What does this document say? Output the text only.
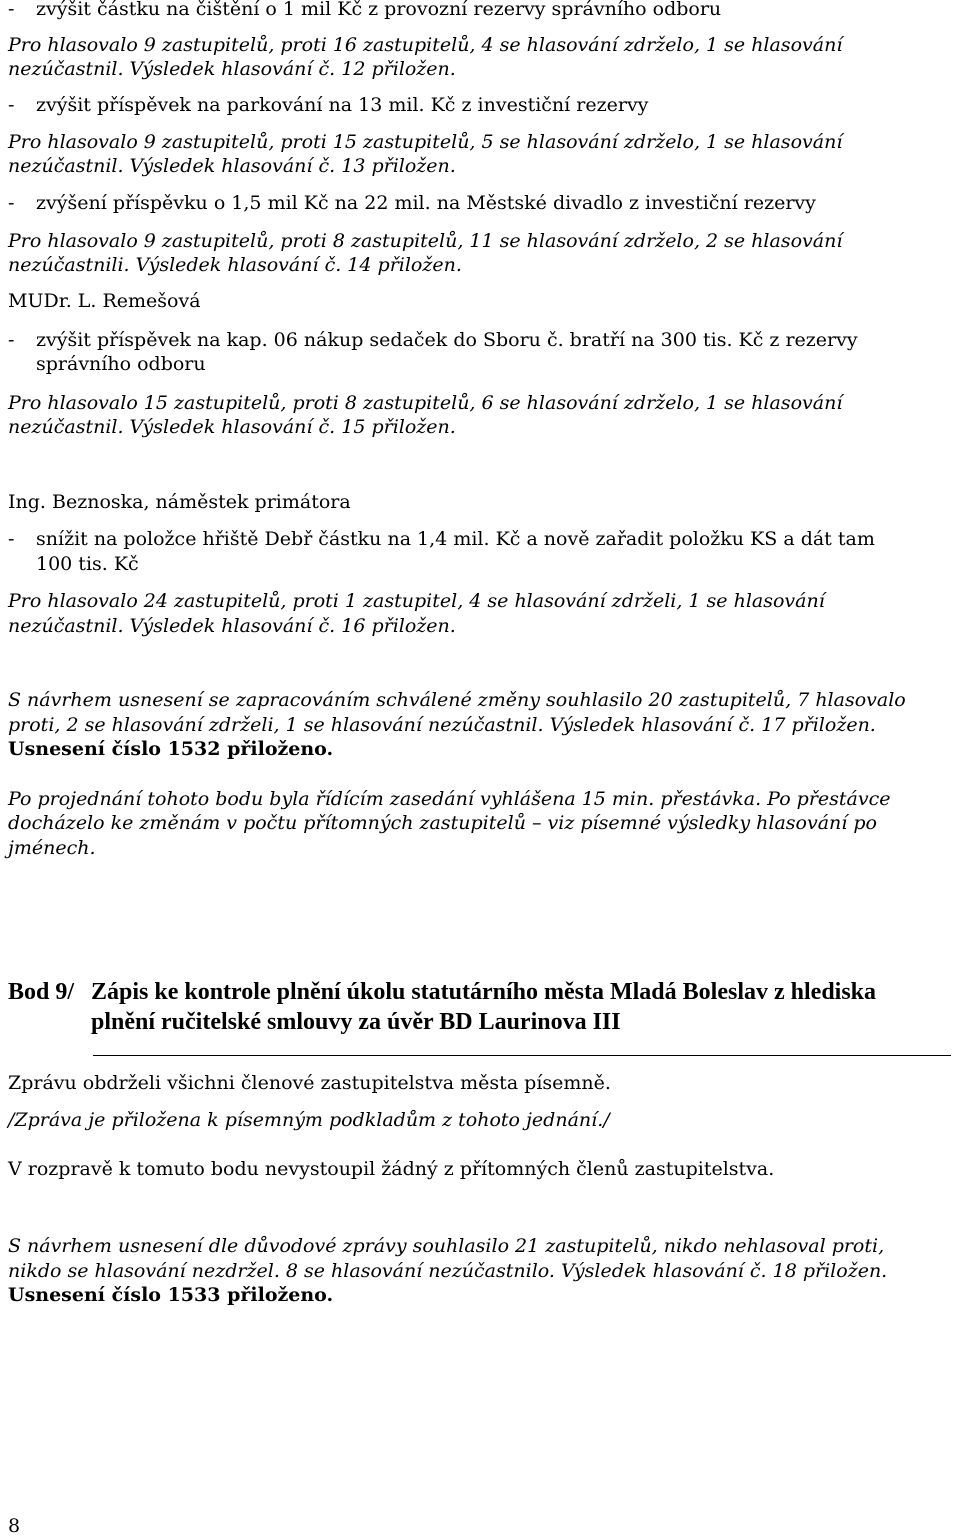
- zvýšit částku na čištění o 1 mil Kč z provozní rezervy správního odboru
Pro hlasovalo 9 zastupitelů, proti 16 zastupitelů, 4 se hlasování zdrželo, 1 se hlasování
nezúčastnil. Výsledek hlasování č. 12 přiložen.
- zvýšit příspěvek na parkování na 13 mil. Kč z investiční rezervy
Pro hlasovalo 9 zastupitelů, proti 15 zastupitelů, 5 se hlasování zdrželo, 1 se hlasování
nezúčastnil. Výsledek hlasování č. 13 přiložen.
- zvýšení příspěvku o 1,5 mil Kč na 22 mil. na Městské divadlo z investiční rezervy
Pro hlasovalo 9 zastupitelů, proti 8 zastupitelů, 11 se hlasování zdrželo, 2 se hlasování
nezúčastnili. Výsledek hlasování č. 14 přiložen.
MUDr. L. Remešová
- zvýšit příspěvek na kap. 06 nákup sedaček do Sboru č. bratří na 300 tis. Kč z rezervy
správního odboru
Pro hlasovalo 15 zastupitelů, proti 8 zastupitelů, 6 se hlasování zdrželo, 1 se hlasování
nezúčastnil. Výsledek hlasování č. 15 přiložen.
Ing. Beznoska, náměstek primátora
- snížit na položce hřiště Debř částku na 1,4 mil. Kč a nově zařadit položku KS a dát tam
100 tis. Kč
Pro hlasovalo 24 zastupitelů, proti 1 zastupitel, 4 se hlasování zdrželi, 1 se hlasování
nezúčastnil. Výsledek hlasování č. 16 přiložen.
S návrhem usnesení se zapracováním schválené změny souhlasilo 20 zastupitelů, 7 hlasovalo
proti, 2 se hlasování zdrželi, 1 se hlasování nezúčastnil. Výsledek hlasování č. 17 přiložen.
Usnesení číslo 1532 přiloženo.
Po projednání tohoto bodu byla řídícím zasedání vyhlášena 15 min. přestávka. Po přestávce
docházelo ke změnám v počtu přítomných zastupitelů – viz písemné výsledky hlasování po
jménech.
Bod 9/ Zápis ke kontrole plnění úkolu statutárního města Mladá Boleslav z hlediska
plnění ručitelské smlouvy za úvěr BD Laurinova III
Zprávu obdrželi všichni členové zastupitelstva města písemně.
/Zpráva je přiložena k písemným podkladům z tohoto jednání./
V rozpravě k tomuto bodu nevystoupil žádný z přítomných členů zastupitelstva.
S návrhem usnesení dle důvodové zprávy souhlasilo 21 zastupitelů, nikdo nehlasoval proti,
nikdo se hlasování nezdržel. 8 se hlasování nezúčastnilo. Výsledek hlasování č. 18 přiložen.
Usnesení číslo 1533 přiloženo.
8
